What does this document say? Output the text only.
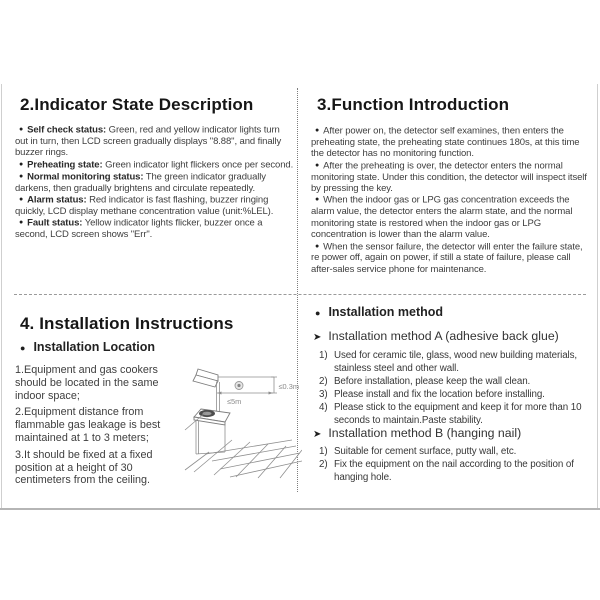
2.Indicator State Description

● Self check status: Green, red and yellow indicator lights turn out in turn, then LCD screen gradually displays "8.88", and finally buzzer rings.

● Preheating state: Green indicator light flickers once per second.

● Normal monitoring status: The green indicator gradually darkens, then gradually brightens and circulate repeatedly.

● Alarm status: Red indicator is fast flashing, buzzer ringing quickly, LCD display methane concentration value (unit:%LEL).

● Fault status: Yellow indicator lights flicker, buzzer once a second, LCD screen shows "Err".

3.Function Introduction

● After power on, the detector self examines, then enters the preheating state, the preheating state continues 180s, at this time the detector has no monitoring function.

● After the preheating is over, the detector enters the normal monitoring state. Under this condition, the detector will inspect itself by pressing the key.

● When the indoor gas or LPG gas concentration exceeds the alarm value, the detector enters the alarm state, and the normal monitoring state is restored when the indoor gas or LPG concentration is lower than the alarm value.

● When the sensor failure, the detector will enter the failure state, re power off, again on power, if still a state of failure, please call after-sales service phone for maintenance.

4. Installation Instructions
● Installation Location

1.Equipment and gas cookers should be located in the same indoor space;

2.Equipment distance from flammable gas leakage is best maintained at 1 to 3 meters;

3.It should be fixed at a fixed position at a height of 30 centimeters from the ceiling.

≤0.3m
≤5m
● Installation method
➤ Installation method A (adhesive back glue)
1) Used for ceramic tile, glass, wood new building materials, stainless steel and other wall.
2) Before installation, please keep the wall clean.
3) Please install and fix the location before installing.
4) Please stick to the equipment and keep it for more than 10 seconds to maintain.Paste stability.
➤ Installation method B (hanging nail)
1) Suitable for cement surface, putty wall, etc.
2) Fix the equipment on the nail according to the position of hanging hole.
